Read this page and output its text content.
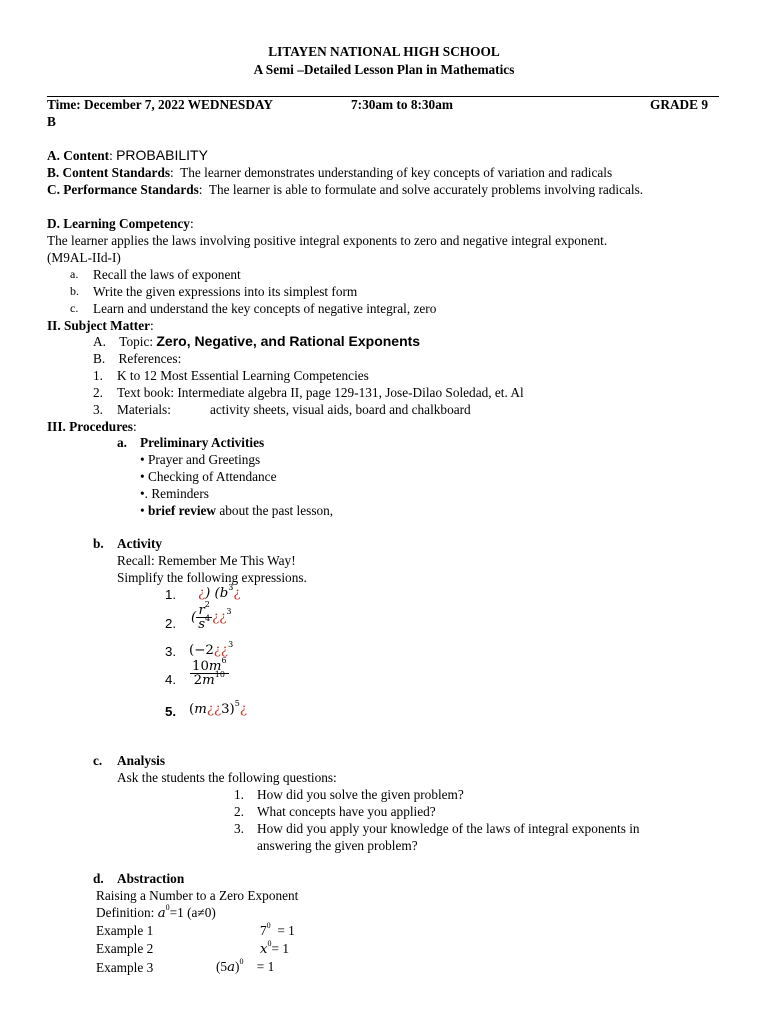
LITAYEN NATIONAL HIGH SCHOOL
A Semi –Detailed Lesson Plan in Mathematics
Time: December 7, 2022 WEDNESDAY	7:30am to 8:30am	GRADE 9
B
A. Content: PROBABILITY
B. Content Standards:  The learner demonstrates understanding of key concepts of variation and radicals
C. Performance Standards:  The learner is able to formulate and solve accurately problems involving radicals.
D. Learning Competency:
The learner applies the laws involving positive integral exponents to zero and negative integral exponent.
(M9AL-IId-I)
a. Recall the laws of exponent
b. Write the given expressions into its simplest form
c. Learn and understand the key concepts of negative integral, zero
II. Subject Matter:
A. Topic: Zero, Negative, and Rational Exponents
B. References:
1. K to 12 Most Essential Learning Competencies
2. Text book: Intermediate algebra II, page 129-131, Jose-Dilao Soledad, et. Al
3. Materials:	activity sheets, visual aids, board and chalkboard
III. Procedures:
a. Preliminary Activities
• Prayer and Greetings
• Checking of Attendance
•. Reminders
• brief review about the past lesson,
b. Activity
Recall: Remember Me This Way!
Simplify the following expressions.
1. ¿) ($b^3¿$
2. ( $\frac{r^2}{s^4}$ ¿¿$^3$
3. (−2¿¿$^3$
4. $\frac{10m^6}{2m^{10}}$
5. (m¿¿3)$^5$¿
c. Analysis
Ask the students the following questions:
1. How did you solve the given problem?
2. What concepts have you applied?
3. How did you apply your knowledge of the laws of integral exponents in
answering the given problem?
d. Abstraction
Raising a Number to a Zero Exponent
Definition: $a^0=1$ (a≠0)
Example 1	$7^0 = 1$
Example 2	$x^0= 1$
Example 3	$(5a)^0 = 1$
